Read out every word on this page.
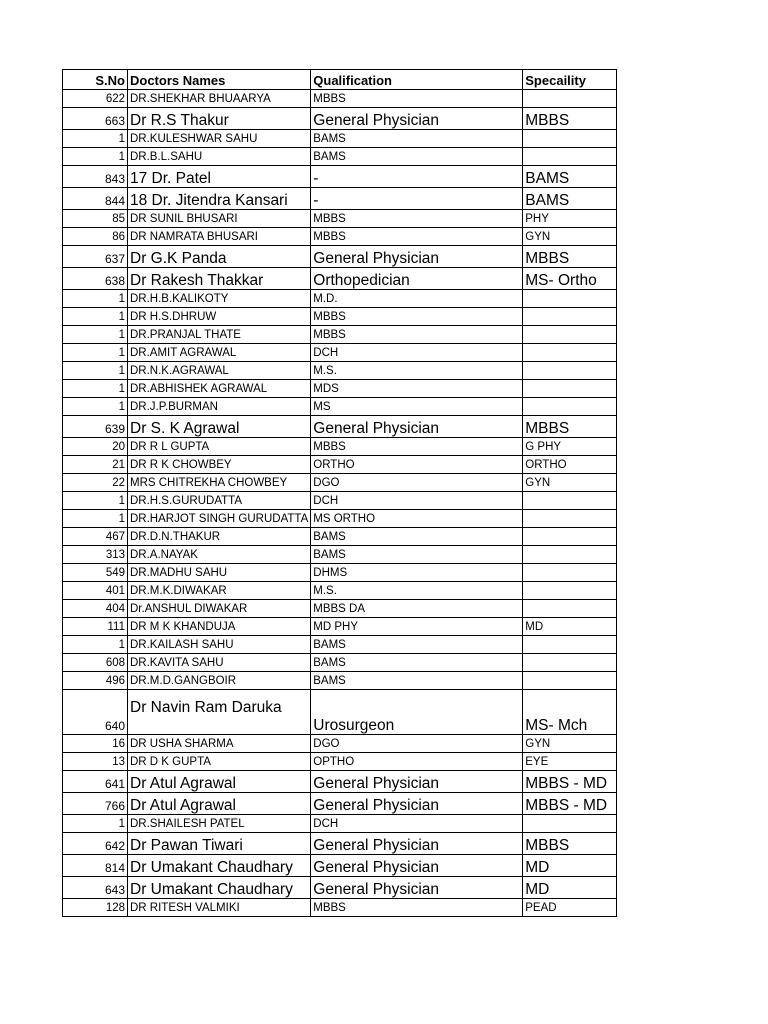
S.No	Doctors Names	Qualification	Specaility
622	DR.SHEKHAR BHUAARYA	MBBS	
663	Dr R.S Thakur	General Physician	MBBS
1	DR.KULESHWAR SAHU	BAMS	
1	DR.B.L.SAHU	BAMS	
843	17 Dr. Patel	-	BAMS
844	18 Dr. Jitendra Kansari	-	BAMS
85	DR SUNIL BHUSARI	MBBS	PHY
86	DR NAMRATA BHUSARI	MBBS	GYN
637	Dr G.K Panda	General Physician	MBBS
638	Dr Rakesh Thakkar	Orthopedician	MS- Ortho
1	DR.H.B.KALIKOTY	M.D.	
1	DR H.S.DHRUW	MBBS	
1	DR.PRANJAL THATE	MBBS	
1	DR.AMIT AGRAWAL	DCH	
1	DR.N.K.AGRAWAL	M.S.	
1	DR.ABHISHEK AGRAWAL	MDS	
1	DR.J.P.BURMAN	MS	
639	Dr S. K Agrawal	General Physician	MBBS
20	DR R L GUPTA	MBBS	G PHY
21	DR R K CHOWBEY	ORTHO	ORTHO
22	MRS CHITREKHA CHOWBEY	DGO	GYN
1	DR.H.S.GURUDATTA	DCH	
1	DR.HARJOT SINGH GURUDATTA	MS ORTHO	
467	DR.D.N.THAKUR	BAMS	
313	DR.A.NAYAK	BAMS	
549	DR.MADHU SAHU	DHMS	
401	DR.M.K.DIWAKAR	M.S.	
404	Dr.ANSHUL DIWAKAR	MBBS DA	
111	DR M K KHANDUJA	MD PHY	MD
1	DR.KAILASH SAHU	BAMS	
608	DR.KAVITA SAHU	BAMS	
496	DR.M.D.GANGBOIR	BAMS	
640	Dr Navin Ram Daruka	Urosurgeon	MS- Mch
16	DR USHA SHARMA	DGO	GYN
13	DR D K GUPTA	OPTHO	EYE
641	Dr Atul Agrawal	General Physician	MBBS - MD
766	Dr Atul Agrawal	General Physician	MBBS - MD
1	DR.SHAILESH PATEL	DCH	
642	Dr Pawan Tiwari	General Physician	MBBS
814	Dr Umakant Chaudhary	General Physician	MD
643	Dr Umakant Chaudhary	General Physician	MD
128	DR RITESH VALMIKI	MBBS	PEAD
